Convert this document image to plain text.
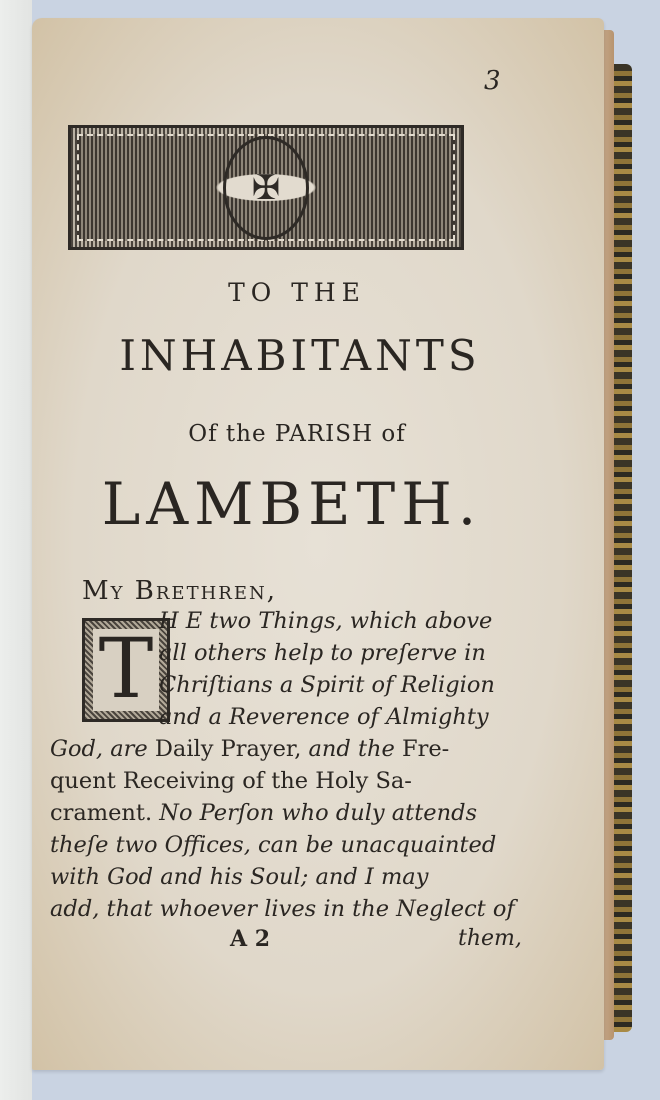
3
✠
TO THE
INHABITANTS
Of the PARISH of
LAMBETH.
My Brethren,
T
H E two Things, which above
all others help to preſerve in
Chriſtians a Spirit of Religion
and a Reverence of Almighty
God, are Daily Prayer, and the Fre-
quent Receiving of the Holy Sa-
crament. No Perſon who duly attends
theſe two Offices, can be unacquainted
with God and his Soul; and I may
add, that whoever lives in the Neglect of
A 2	them,
